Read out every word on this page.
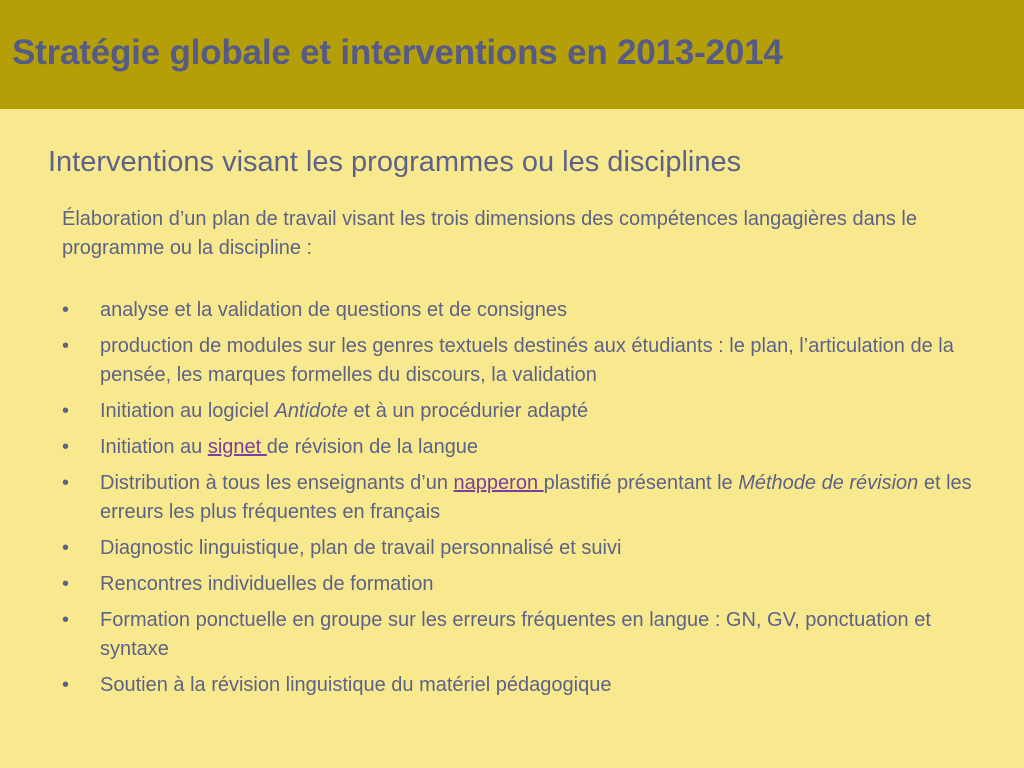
Stratégie globale et interventions en 2013-2014
Interventions visant les programmes ou les disciplines

Élaboration d’un plan de travail visant les trois dimensions des compétences langagières dans le programme ou la discipline :

• analyse et la validation de questions et de consignes
• production de modules sur les genres textuels destinés aux étudiants : le plan, l’articulation de la pensée, les marques formelles du discours, la validation
• Initiation au logiciel Antidote et à un procédurier adapté
• Initiation au signet de révision de la langue
• Distribution à tous les enseignants d’un napperon plastifié présentant le Méthode de révision et les erreurs les plus fréquentes en français
• Diagnostic linguistique, plan de travail personnalisé et suivi
• Rencontres individuelles de formation
• Formation ponctuelle en groupe sur les erreurs fréquentes en langue : GN, GV, ponctuation et syntaxe
• Soutien à la révision linguistique du matériel pédagogique
